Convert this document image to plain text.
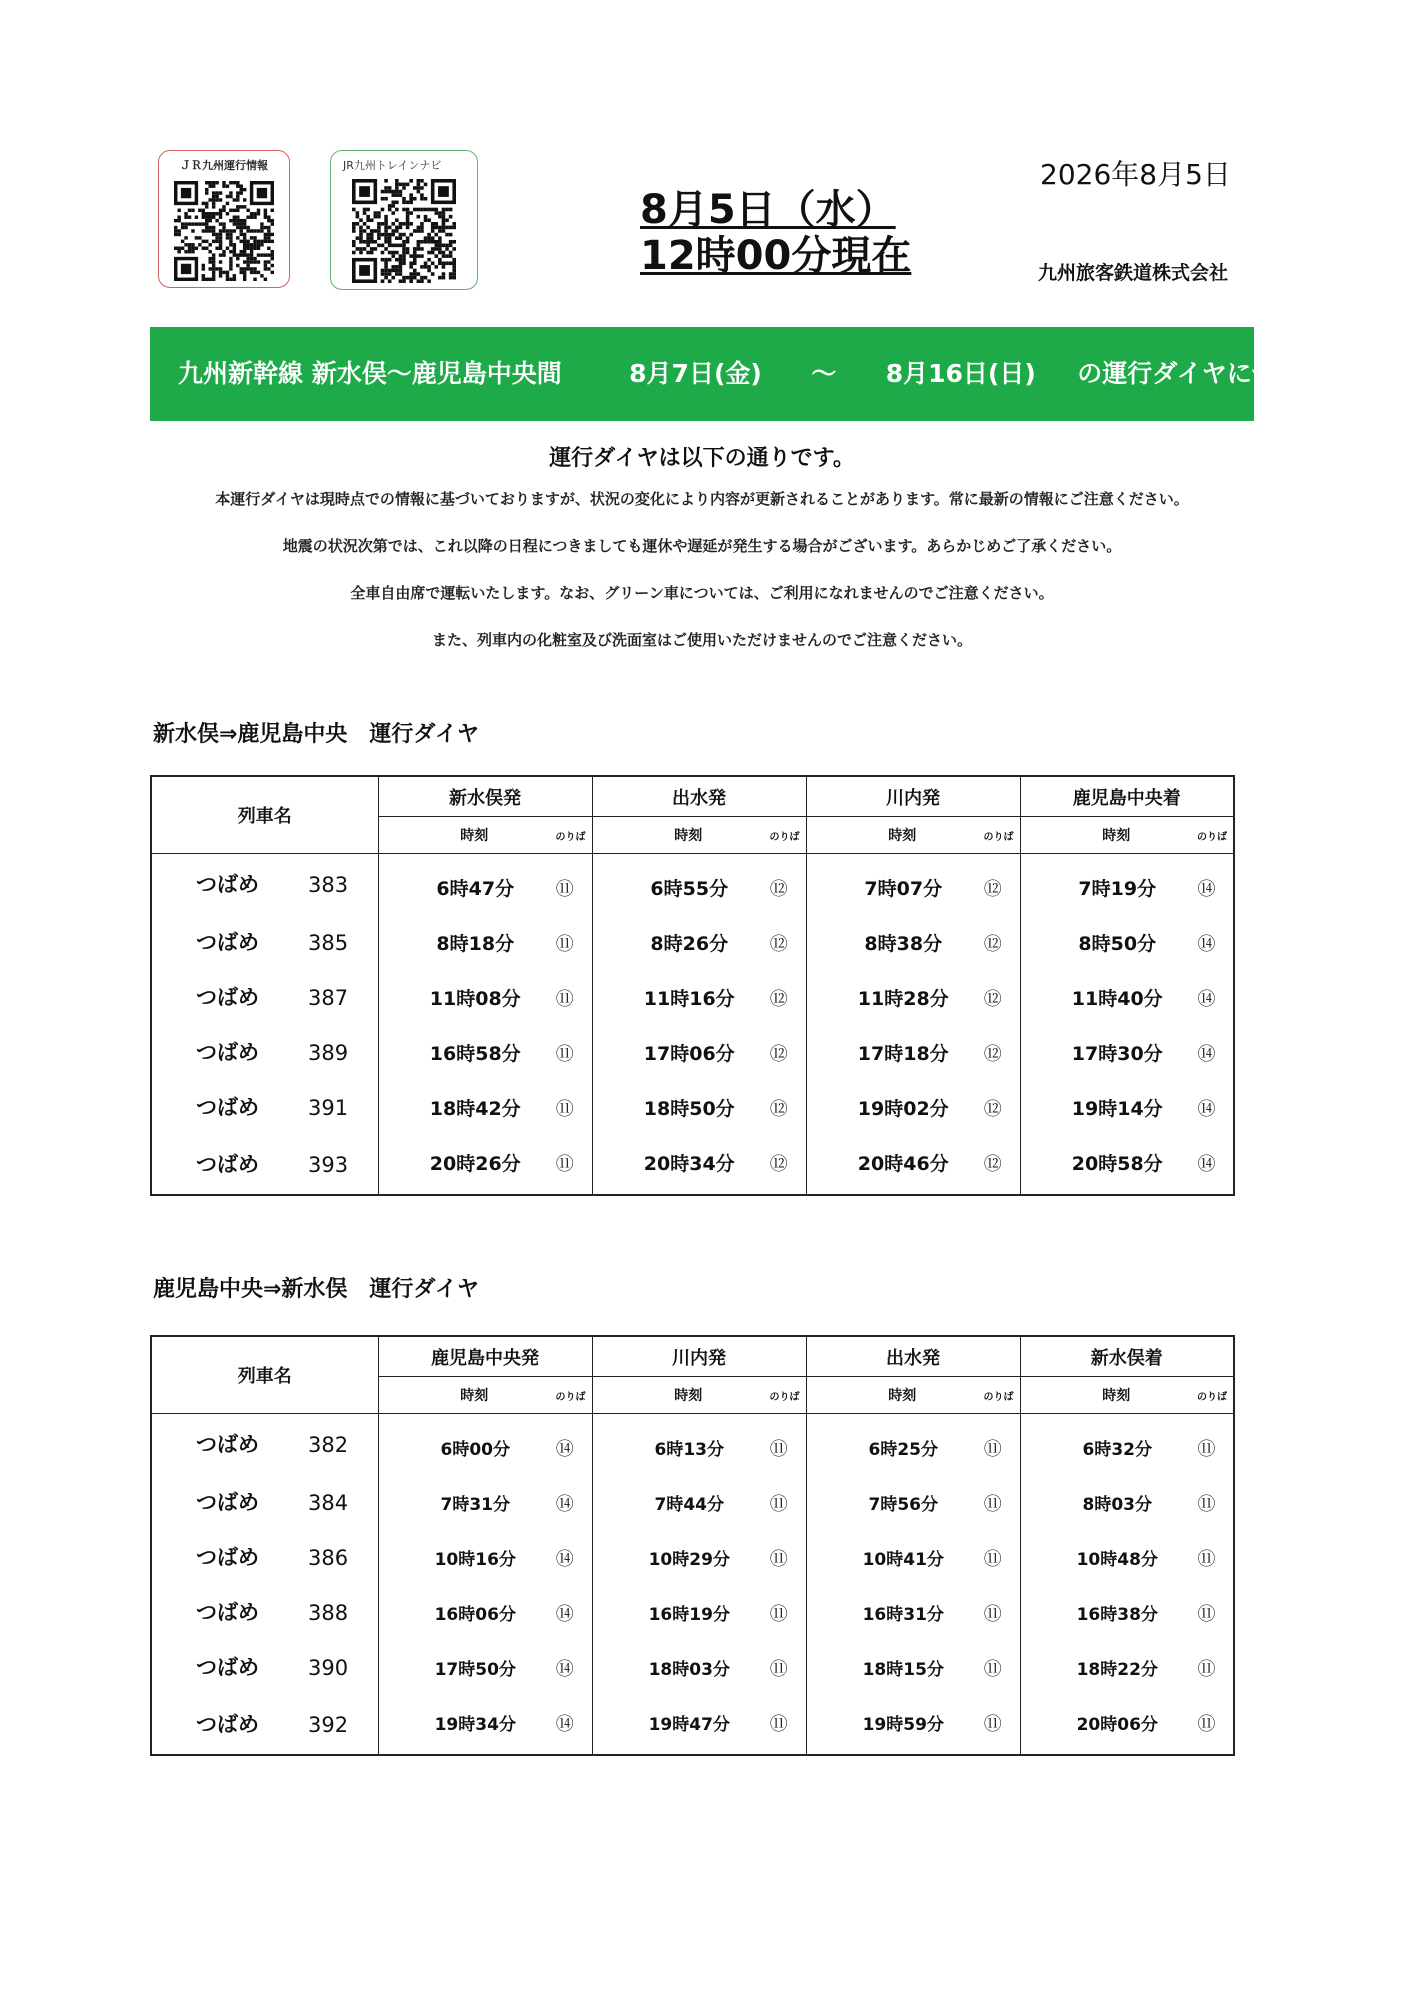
ＪＲ九州運行情報	JR九州トレインナビ
8月5日（水）
12時00分現在
2026年8月5日
九州旅客鉄道株式会社
九州新幹線 新水俣～鹿児島中央間	8月7日(金) ～ 8月16日(日) の運行ダイヤについて
運行ダイヤは以下の通りです。
本運行ダイヤは現時点での情報に基づいておりますが、状況の変化により内容が更新されることがあります。常に最新の情報にご注意ください。
地震の状況次第では、これ以降の日程につきましても運休や遅延が発生する場合がございます。あらかじめご了承ください。
全車自由席で運転いたします。なお、グリーン車については、ご利用になれませんのでご注意ください。
また、列車内の化粧室及び洗面室はご使用いただけませんのでご注意ください。
新水俣⇒鹿児島中央　運行ダイヤ
列車名	新水俣発		出水発		川内発		鹿児島中央着	
	時刻	のりば	時刻	のりば	時刻	のりば	時刻	のりば

つばめ 383	6時47分	⑪	6時55分	⑫	7時07分	⑫	7時19分	⑭

つばめ 385	8時18分	⑪	8時26分	⑫	8時38分	⑫	8時50分	⑭

つばめ 387	11時08分	⑪	11時16分	⑫	11時28分	⑫	11時40分	⑭

つばめ 389	16時58分	⑪	17時06分	⑫	17時18分	⑫	17時30分	⑭

つばめ 391	18時42分	⑪	18時50分	⑫	19時02分	⑫	19時14分	⑭

つばめ 393	20時26分	⑪	20時34分	⑫	20時46分	⑫	20時58分	⑭
鹿児島中央⇒新水俣　運行ダイヤ
列車名	鹿児島中央発		川内発		出水発		新水俣着	
	時刻	のりば	時刻	のりば	時刻	のりば	時刻	のりば

つばめ 382	6時00分	⑭	6時13分	⑪	6時25分	⑪	6時32分	⑪

つばめ 384	7時31分	⑭	7時44分	⑪	7時56分	⑪	8時03分	⑪

つばめ 386	10時16分	⑭	10時29分	⑪	10時41分	⑪	10時48分	⑪

つばめ 388	16時06分	⑭	16時19分	⑪	16時31分	⑪	16時38分	⑪

つばめ 390	17時50分	⑭	18時03分	⑪	18時15分	⑪	18時22分	⑪

つばめ 392	19時34分	⑭	19時47分	⑪	19時59分	⑪	20時06分	⑪
